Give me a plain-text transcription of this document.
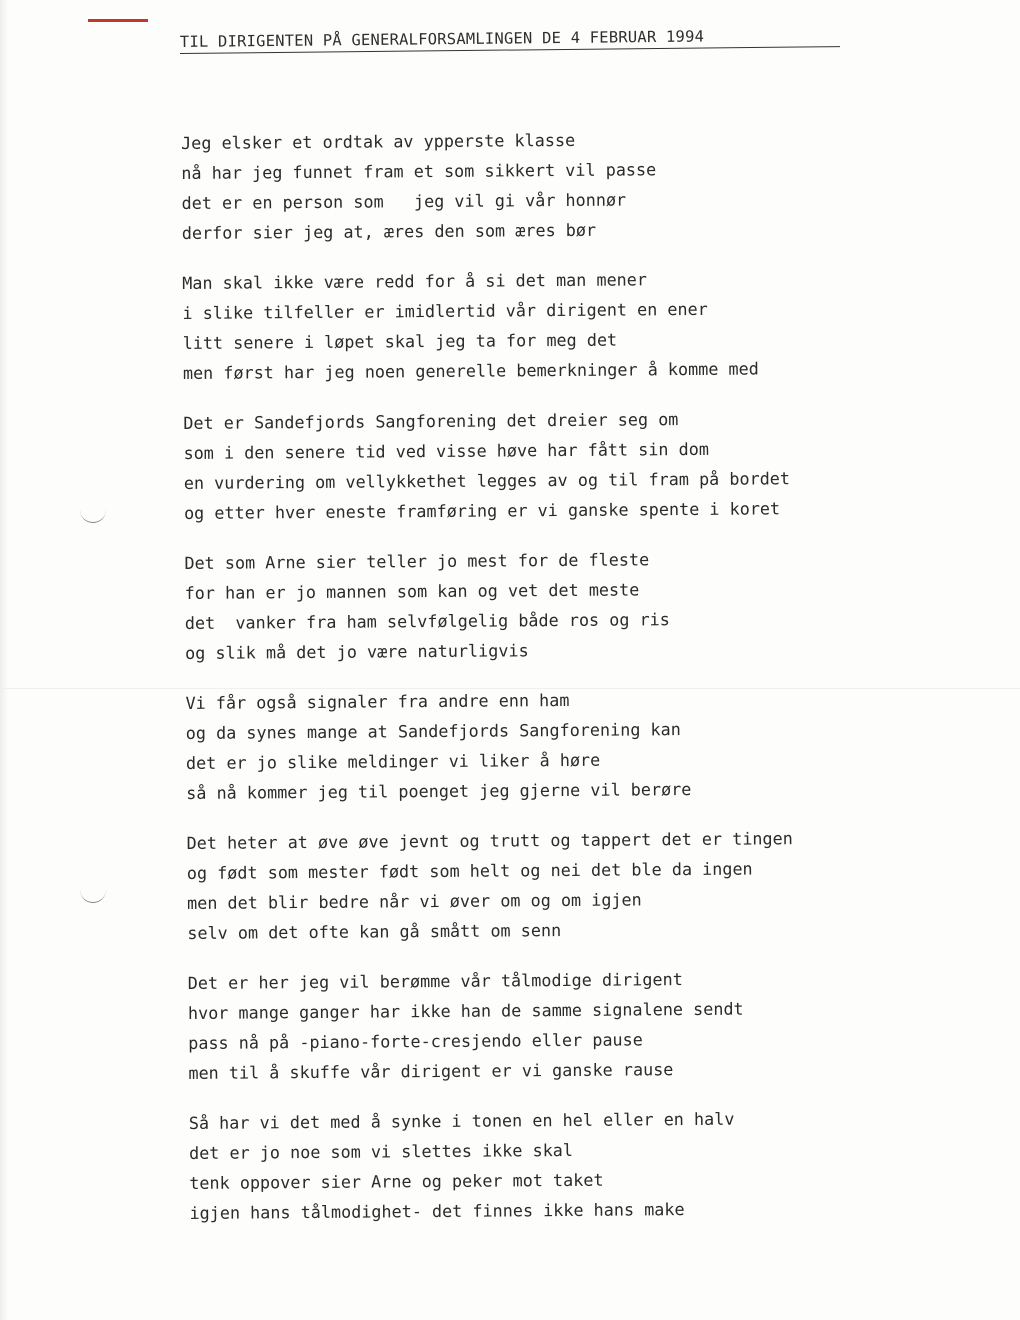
TIL DIRIGENTEN PÅ GENERALFORSAMLINGEN DE 4 FEBRUAR 1994
Jeg elsker et ordtak av ypperste klasse
nå har jeg funnet fram et som sikkert vil passe
det er en person som   jeg vil gi vår honnør
derfor sier jeg at, æres den som æres bør
Man skal ikke være redd for å si det man mener
i slike tilfeller er imidlertid vår dirigent en ener
litt senere i løpet skal jeg ta for meg det
men først har jeg noen generelle bemerkninger å komme med
Det er Sandefjords Sangforening det dreier seg om
som i den senere tid ved visse høve har fått sin dom
en vurdering om vellykkethet legges av og til fram på bordet
og etter hver eneste framføring er vi ganske spente i koret
Det som Arne sier teller jo mest for de fleste
for han er jo mannen som kan og vet det meste
det  vanker fra ham selvfølgelig både ros og ris
og slik må det jo være naturligvis
Vi får også signaler fra andre enn ham
og da synes mange at Sandefjords Sangforening kan
det er jo slike meldinger vi liker å høre
så nå kommer jeg til poenget jeg gjerne vil berøre
Det heter at øve øve jevnt og trutt og tappert det er tingen
og født som mester født som helt og nei det ble da ingen
men det blir bedre når vi øver om og om igjen
selv om det ofte kan gå smått om senn
Det er her jeg vil berømme vår tålmodige dirigent
hvor mange ganger har ikke han de samme signalene sendt
pass nå på -piano-forte-cresjendo eller pause
men til å skuffe vår dirigent er vi ganske rause
Så har vi det med å synke i tonen en hel eller en halv
det er jo noe som vi slettes ikke skal
tenk oppover sier Arne og peker mot taket
igjen hans tålmodighet- det finnes ikke hans make
